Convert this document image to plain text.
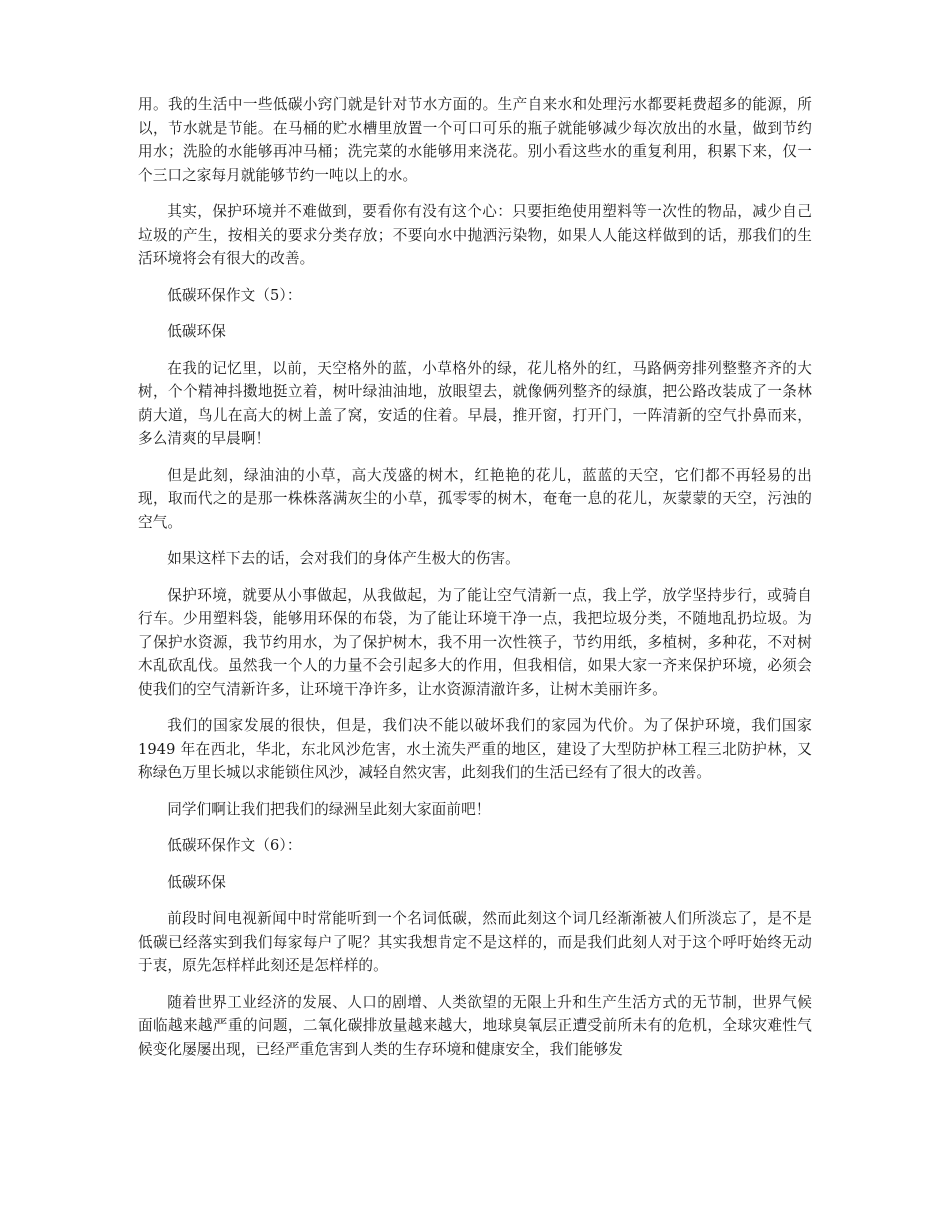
用。我的生活中一些低碳小窍门就是针对节水方面的。生产自来水和处理污水都要耗费超多的能源，所以，节水就是节能。在马桶的贮水槽里放置一个可口可乐的瓶子就能够减少每次放出的水量，做到节约用水；洗脸的水能够再冲马桶；洗完菜的水能够用来浇花。别小看这些水的重复利用，积累下来，仅一个三口之家每月就能够节约一吨以上的水。

其实，保护环境并不难做到，要看你有没有这个心：只要拒绝使用塑料等一次性的物品，减少自己垃圾的产生，按相关的要求分类存放；不要向水中抛洒污染物，如果人人能这样做到的话，那我们的生活环境将会有很大的改善。

低碳环保作文（5）：

低碳环保

在我的记忆里，以前，天空格外的蓝，小草格外的绿，花儿格外的红，马路俩旁排列整整齐齐的大树，个个精神抖擞地挺立着，树叶绿油油地，放眼望去，就像俩列整齐的绿旗，把公路改装成了一条林荫大道，鸟儿在高大的树上盖了窝，安适的住着。早晨，推开窗，打开门，一阵清新的空气扑鼻而来，多么清爽的早晨啊！

但是此刻，绿油油的小草，高大茂盛的树木，红艳艳的花儿，蓝蓝的天空，它们都不再轻易的出现，取而代之的是那一株株落满灰尘的小草，孤零零的树木，奄奄一息的花儿，灰蒙蒙的天空，污浊的空气。

如果这样下去的话，会对我们的身体产生极大的伤害。

保护环境，就要从小事做起，从我做起，为了能让空气清新一点，我上学，放学坚持步行，或骑自行车。少用塑料袋，能够用环保的布袋，为了能让环境干净一点，我把垃圾分类，不随地乱扔垃圾。为了保护水资源，我节约用水，为了保护树木，我不用一次性筷子，节约用纸，多植树，多种花，不对树木乱砍乱伐。虽然我一个人的力量不会引起多大的作用，但我相信，如果大家一齐来保护环境，必须会使我们的空气清新许多，让环境干净许多，让水资源清澈许多，让树木美丽许多。

我们的国家发展的很快，但是，我们决不能以破坏我们的家园为代价。为了保护环境，我们国家 1949 年在西北，华北，东北风沙危害，水土流失严重的地区，建设了大型防护林工程三北防护林，又称绿色万里长城以求能锁住风沙，减轻自然灾害，此刻我们的生活已经有了很大的改善。

同学们啊让我们把我们的绿洲呈此刻大家面前吧！

低碳环保作文（6）：

低碳环保

前段时间电视新闻中时常能听到一个名词低碳，然而此刻这个词几经渐渐被人们所淡忘了，是不是低碳已经落实到我们每家每户了呢？其实我想肯定不是这样的，而是我们此刻人对于这个呼吁始终无动于衷，原先怎样样此刻还是怎样样的。

随着世界工业经济的发展、人口的剧增、人类欲望的无限上升和生产生活方式的无节制，世界气候面临越来越严重的问题，二氧化碳排放量越来越大，地球臭氧层正遭受前所未有的危机，全球灾难性气候变化屡屡出现，已经严重危害到人类的生存环境和健康安全，我们能够发
